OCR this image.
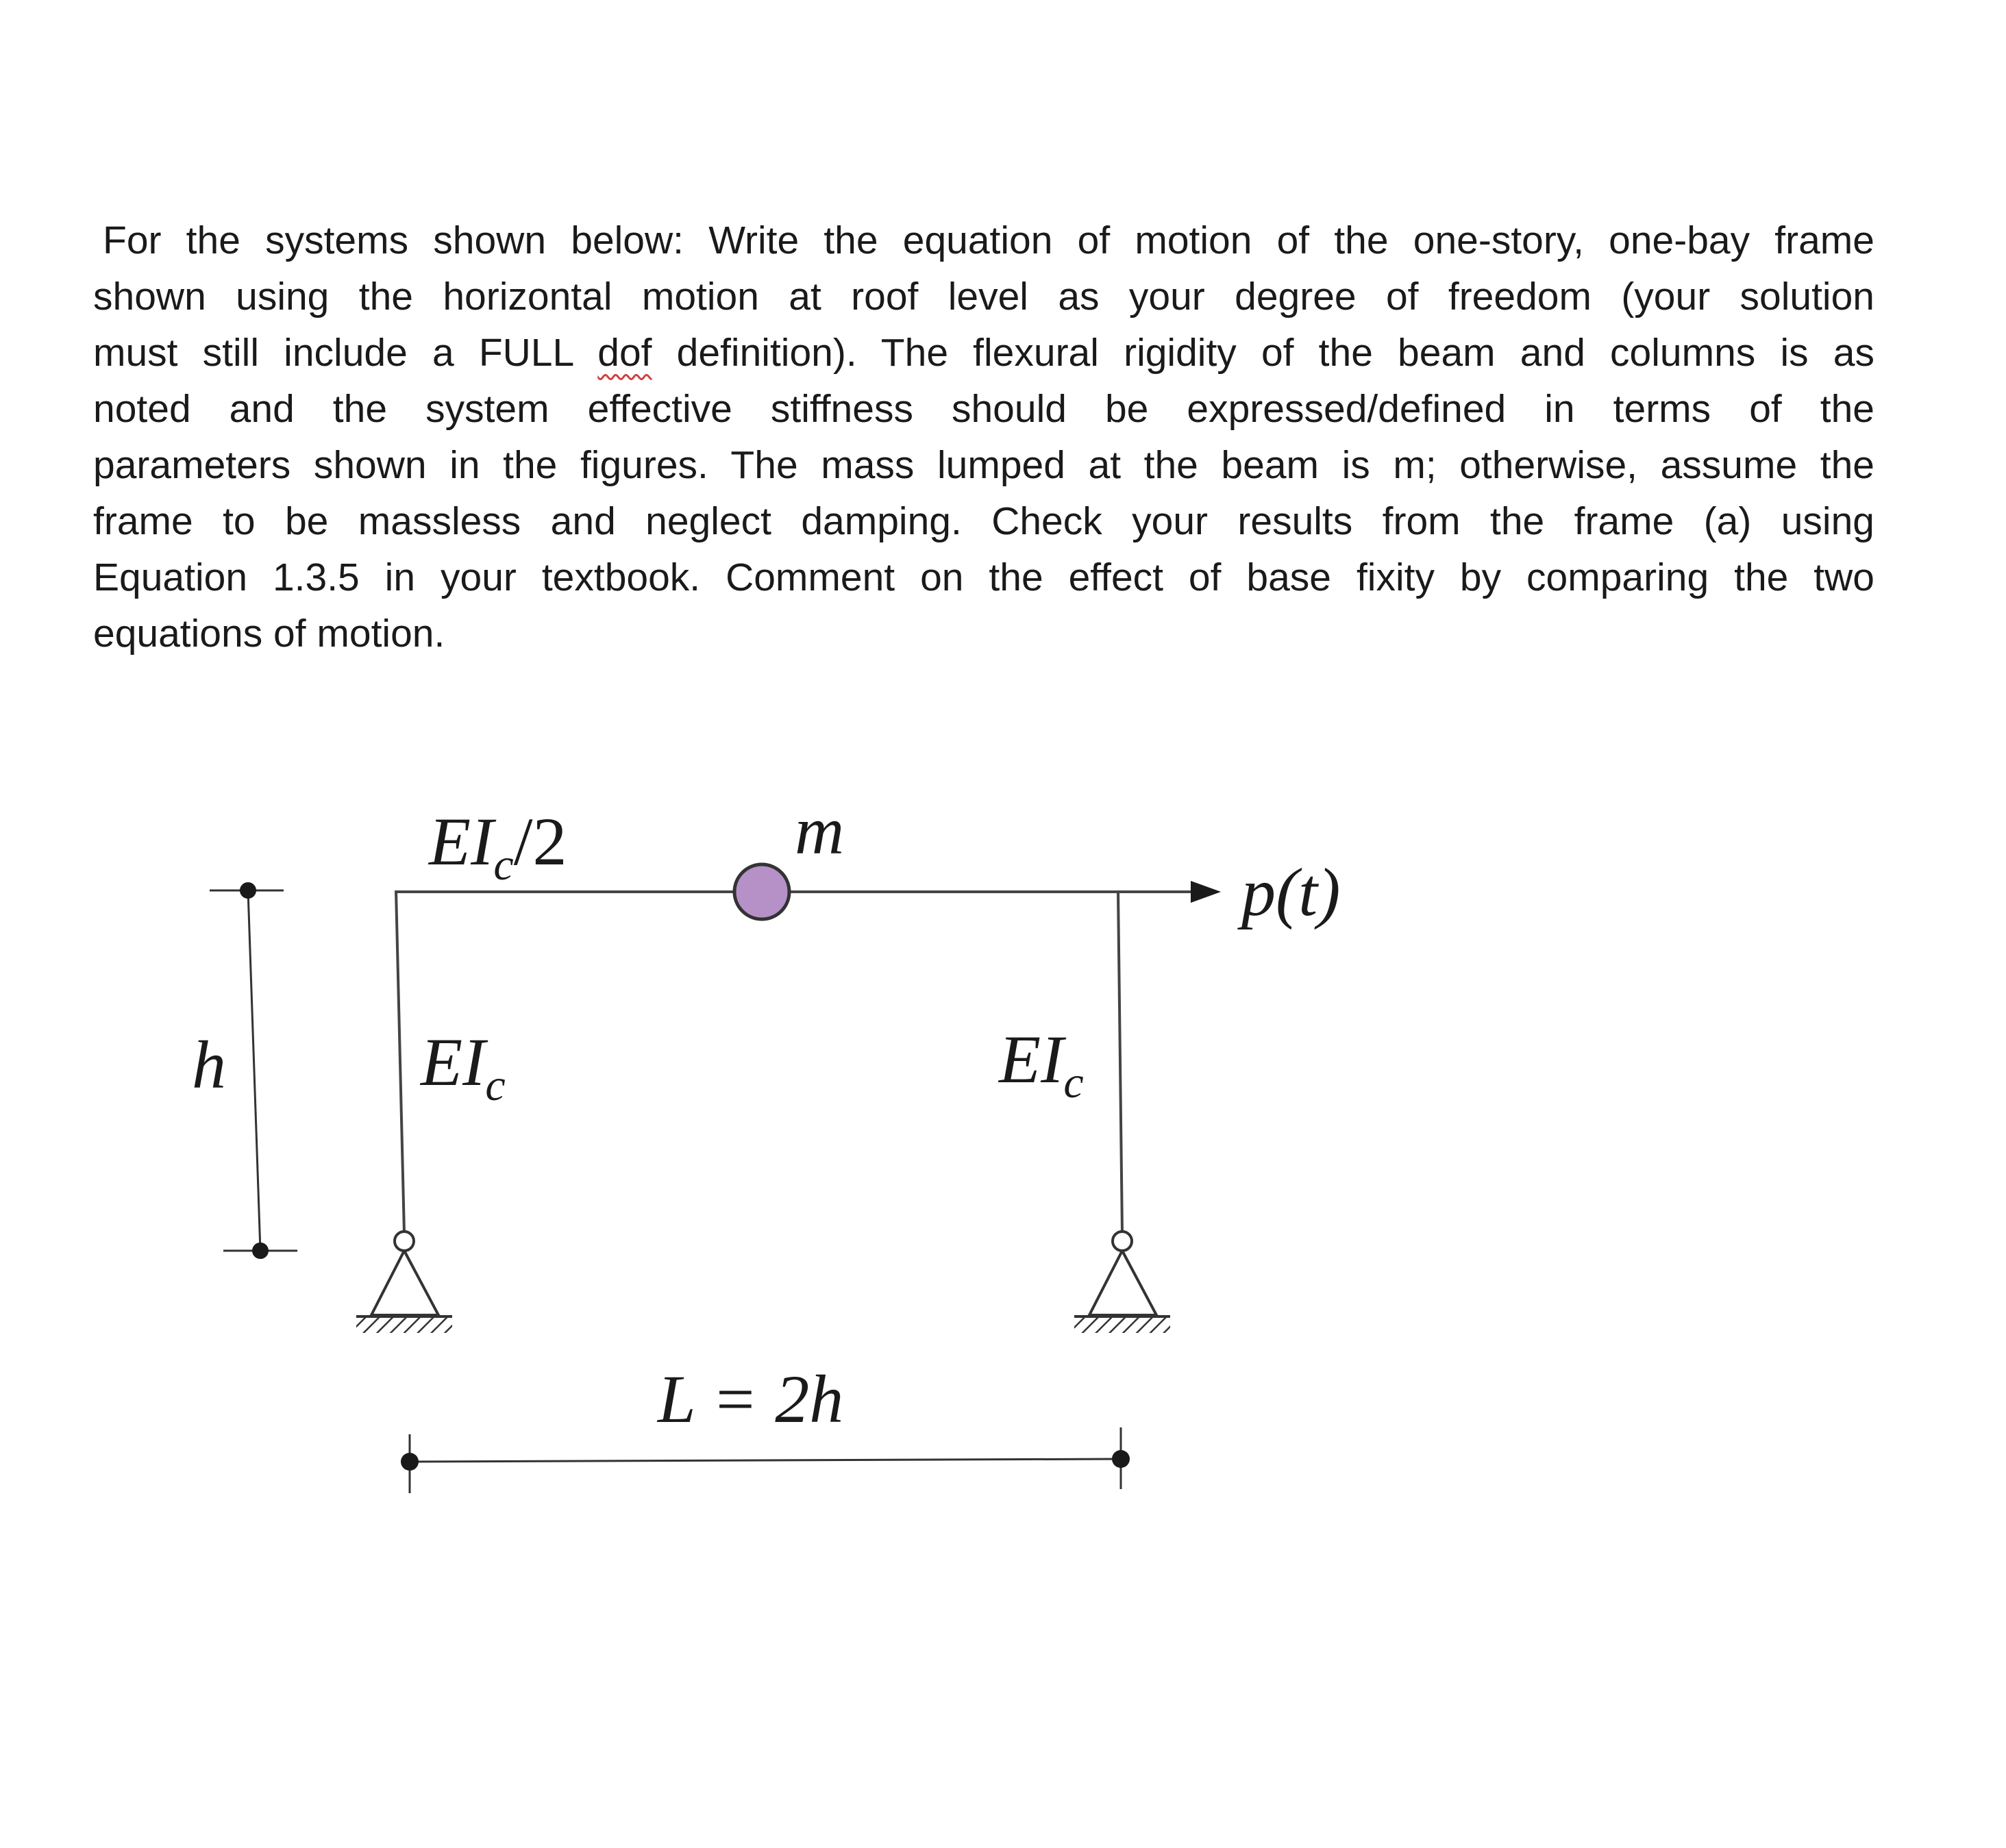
For the systems shown below: Write the equation of motion of the one-story, one-bay frame
shown using the horizontal motion at roof level as your degree of freedom (your solution
must still include a FULL dof definition). The flexural rigidity of the beam and columns is as
noted and the system effective stiffness should be expressed/defined in terms of the
parameters shown in the figures. The mass lumped at the beam is m; otherwise, assume the
frame to be massless and neglect damping. Check your results from the frame (a) using
Equation 1.3.5 in your textbook. Comment on the effect of base fixity by comparing the two
equations of motion.

$EI_c/2$	m
p(t)
$EI_c$	$EI_c$
h
L = 2h
